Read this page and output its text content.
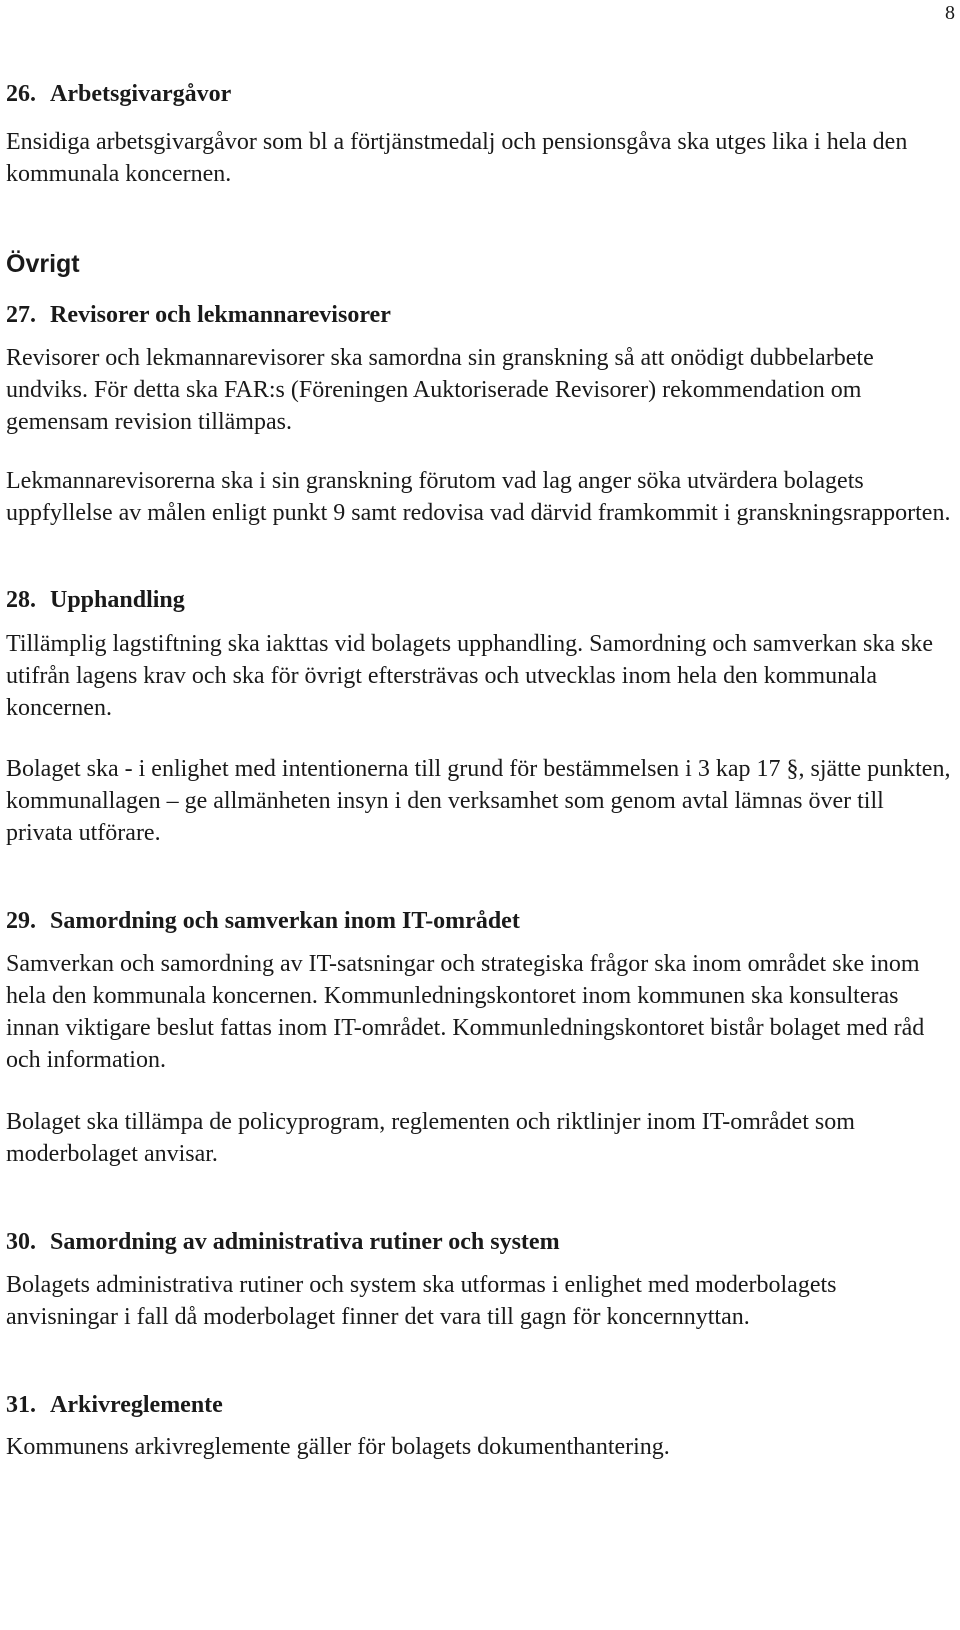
8
26. Arbetsgivargåvor

Ensidiga arbetsgivargåvor som bl a förtjänstmedalj och pensionsgåva ska utges lika i hela den kommunala koncernen.

Övrigt
27. Revisorer och lekmannarevisorer

Revisorer och lekmannarevisorer ska samordna sin granskning så att onödigt dubbelarbete undviks. För detta ska FAR:s (Föreningen Auktoriserade Revisorer) rekommendation om gemensam revision tillämpas.

Lekmannarevisorerna ska i sin granskning förutom vad lag anger söka utvärdera bolagets uppfyllelse av målen enligt punkt 9 samt redovisa vad därvid framkommit i granskningsrapporten.

28. Upphandling

Tillämplig lagstiftning ska iakttas vid bolagets upphandling. Samordning och samverkan ska ske utifrån lagens krav och ska för övrigt eftersträvas och utvecklas inom hela den kommunala koncernen.

Bolaget ska - i enlighet med intentionerna till grund för bestämmelsen i 3 kap 17 §, sjätte punkten, kommunallagen – ge allmänheten insyn i den verksamhet som genom avtal lämnas över till privata utförare.

29. Samordning och samverkan inom IT-området

Samverkan och samordning av IT-satsningar och strategiska frågor ska inom området ske inom hela den kommunala koncernen. Kommunledningskontoret inom kommunen ska konsulteras innan viktigare beslut fattas inom IT-området. Kommunledningskontoret bistår bolaget med råd och information.

Bolaget ska tillämpa de policyprogram, reglementen och riktlinjer inom IT-området som moderbolaget anvisar.

30. Samordning av administrativa rutiner och system

Bolagets administrativa rutiner och system ska utformas i enlighet med moderbolagets anvisningar i fall då moderbolaget finner det vara till gagn för koncernnyttan.

31. Arkivreglemente

Kommunens arkivreglemente gäller för bolagets dokumenthantering.
